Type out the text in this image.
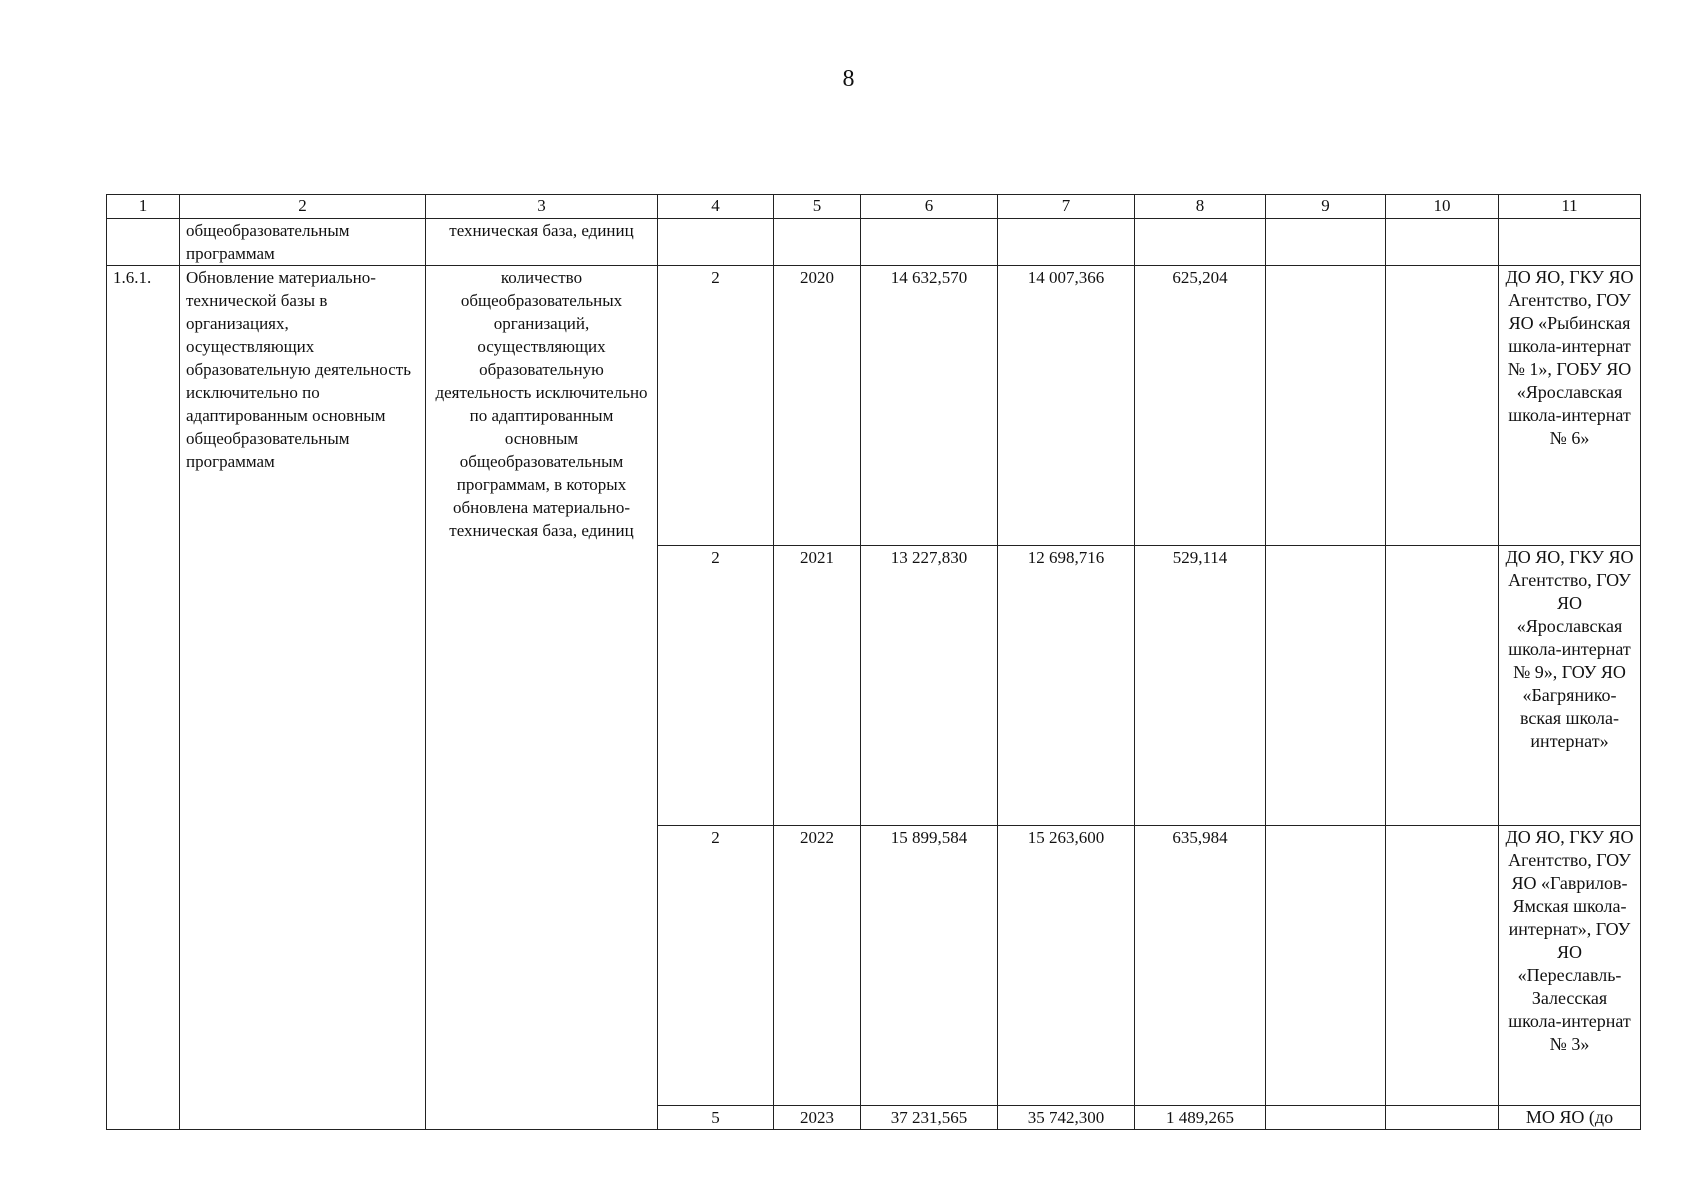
8
1	2	3	4	5	6	7	8	9	10	11
	общеобразовательным программам	техническая база, единиц								
1.6.1.	Обновление материально-технической базы в организациях, осуществляющих образовательную деятельность исключительно по адаптированным основным общеобразовательным программам	количество общеобразовательных организаций, осуществляющих образовательную деятельность исключительно по адаптированным основным общеобразовательным программам, в которых обновлена материально-техническая база, единиц	2	2020	14 632,570	14 007,366	625,204			ДО ЯО, ГКУ ЯО Агентство, ГОУ ЯО «Рыбинская школа-интернат № 1», ГОБУ ЯО «Ярославская школа-интернат № 6»
			2	2021	13 227,830	12 698,716	529,114			ДО ЯО, ГКУ ЯО Агентство, ГОУ ЯО «Ярославская школа-интернат № 9», ГОУ ЯО «Багряниковская школа-интернат»
			2	2022	15 899,584	15 263,600	635,984			ДО ЯО, ГКУ ЯО Агентство, ГОУ ЯО «Гаврилов-Ямская школа-интернат», ГОУ ЯО «Переславль-Залесская школа-интернат № 3»
			5	2023	37 231,565	35 742,300	1 489,265			МО ЯО (до
